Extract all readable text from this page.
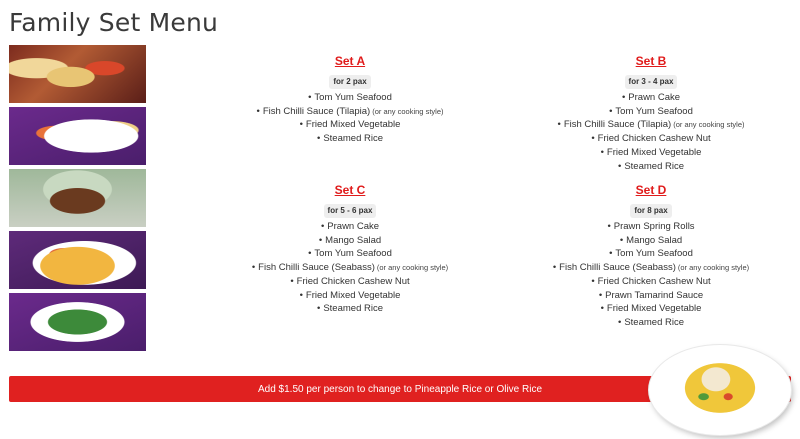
Family Set Menu
Set A
for 2 pax
• Tom Yum Seafood
• Fish Chilli Sauce (Tilapia) (or any cooking style)
• Fried Mixed Vegetable
• Steamed Rice
Set B
for 3 - 4 pax
• Prawn Cake
• Tom Yum Seafood
• Fish Chilli Sauce (Tilapia) (or any cooking style)
• Fried Chicken Cashew Nut
• Fried Mixed Vegetable
• Steamed Rice
Set C
for 5 - 6 pax
• Prawn Cake
• Mango Salad
• Tom Yum Seafood
• Fish Chilli Sauce (Seabass) (or any cooking style)
• Fried Chicken Cashew Nut
• Fried Mixed Vegetable
• Steamed Rice
Set D
for 8 pax
• Prawn Spring Rolls
• Mango Salad
• Tom Yum Seafood
• Fish Chilli Sauce (Seabass) (or any cooking style)
• Fried Chicken Cashew Nut
• Prawn Tamarind Sauce
• Fried Mixed Vegetable
• Steamed Rice
Add $1.50 per person to change to Pineapple Rice or Olive Rice
